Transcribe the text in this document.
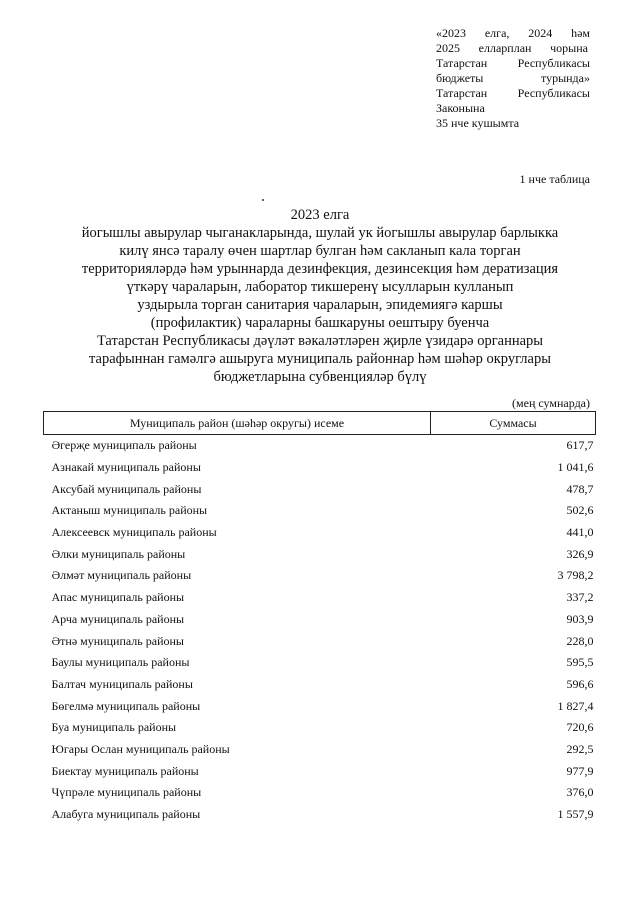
«2023 елга, 2024 һәм
2025 елларплан чорына
Татарстан Республикасы
бюджеты турында»
Татарстан Республикасы
Законына
35 нче кушымта
1 нче таблица
2023 елга
йогышлы авырулар чыганакларында, шулай ук йогышлы авырулар барлыкка
килү янсә таралу өчен шартлар булган һәм сакланып кала торган
территорияләрдә һәм урыннарда дезинфекция, дезинсекция һәм дератизация
үткәрү чараларын, лаборатор тикшеренү ысулларын кулланып
уздырыла торган санитария чараларын, эпидемиягә каршы
(профилактик) чараларны башкаруны оештыру буенча
Татарстан Республикасы дәүләт вәкаләтләрен җирле үзидарә органнары
тарафыннан гамәлгә ашыруга муниципаль районнар һәм шәһәр округлары
бюджетларына субвенцияләр бүлү
(мең сумнарда)
Муниципаль район (шәһәр округы) исеме	Суммасы
Әгерҗе муниципаль районы	617,7
Азнакай муниципаль районы	1 041,6
Аксубай муниципаль районы	478,7
Актаныш муниципаль районы	502,6
Алексеевск муниципаль районы	441,0
Әлки муниципаль районы	326,9
Әлмәт муниципаль районы	3 798,2
Апас муниципаль районы	337,2
Арча муниципаль районы	903,9
Әтнә муниципаль районы	228,0
Баулы муниципаль районы	595,5
Балтач муниципаль районы	596,6
Бөгелмә муниципаль районы	1 827,4
Буа муниципаль районы	720,6
Югары Ослан муниципаль районы	292,5
Биектау муниципаль районы	977,9
Чүпрәле муниципаль районы	376,0
Алабуга муниципаль районы	1 557,9
